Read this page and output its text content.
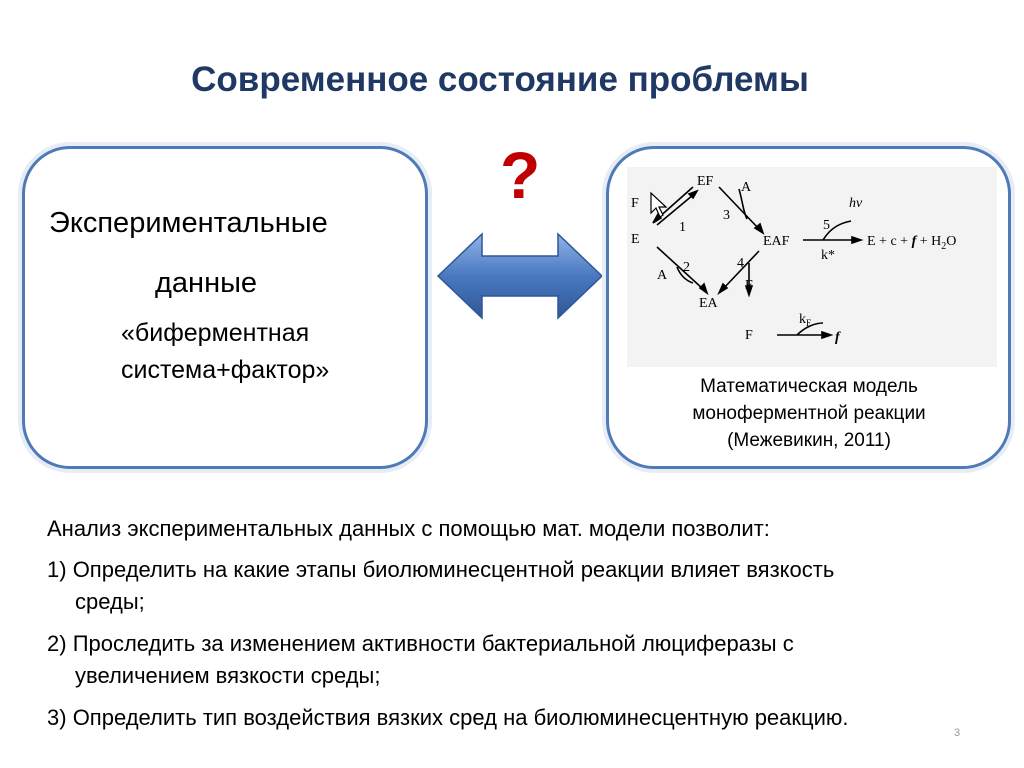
Современное состояние проблемы
Экспериментальные
данные
«биферментная
система+фактор»
?	EF A
3
F
1
E	EAF
5
hν
k*
$E + c + f + H_2O$
A
2	4
F
EA
F
$k_F$
f
Математическая модель
монoферментной реакции
(Межевикин, 2011)
Анализ экспериментальных данных с помощью мат. модели позволит:
1) Определить на какие этапы биолюминесцентной реакции влияет вязкость
среды;
2) Проследить за изменением активности бактериальной люциферазы с
увеличением вязкости среды;
3) Определить тип воздействия вязких сред на биолюминесцентную реакцию.
3
